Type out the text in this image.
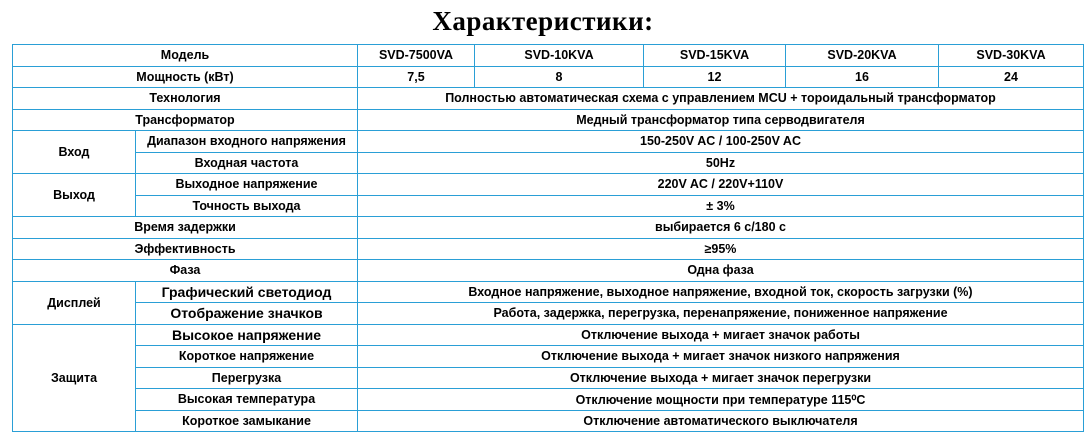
Характеристики:
Модель		SVD-7500VA	SVD-10KVA	SVD-15KVA	SVD-20KVA	SVD-30KVA
Мощность (кВт)		7,5	8	12	16	24
Технология		Полностью автоматическая схема с управлением MCU + тороидальный трансформатор				
Трансформатор		Медный трансформатор типа серводвигателя				
Вход	Диапазон входного напряжения	150-250V AC / 100-250V AC				
	Входная частота	50Hz				
Выход	Выходное напряжение	220V AC / 220V+110V				
	Точность выхода	± 3%				
Время задержки		выбирается 6 с/180 с				
Эффективность		≥95%				
Фаза		Одна фаза				
Дисплей	Графический светодиод	Входное напряжение, выходное напряжение, входной ток, скорость загрузки (%)				
	Отображение значков	Работа, задержка, перегрузка, перенапряжение, пониженное напряжение				
Защита	Высокое напряжение	Отключение выхода + мигает значок работы				
	Короткое напряжение	Отключение выхода + мигает значок низкого напряжения				
	Перегрузка	Отключение выхода + мигает значок перегрузки				
	Высокая температура	Отключение мощности при температуре 115⁰C				
	Короткое замыкание	Отключение автоматического выключателя				
